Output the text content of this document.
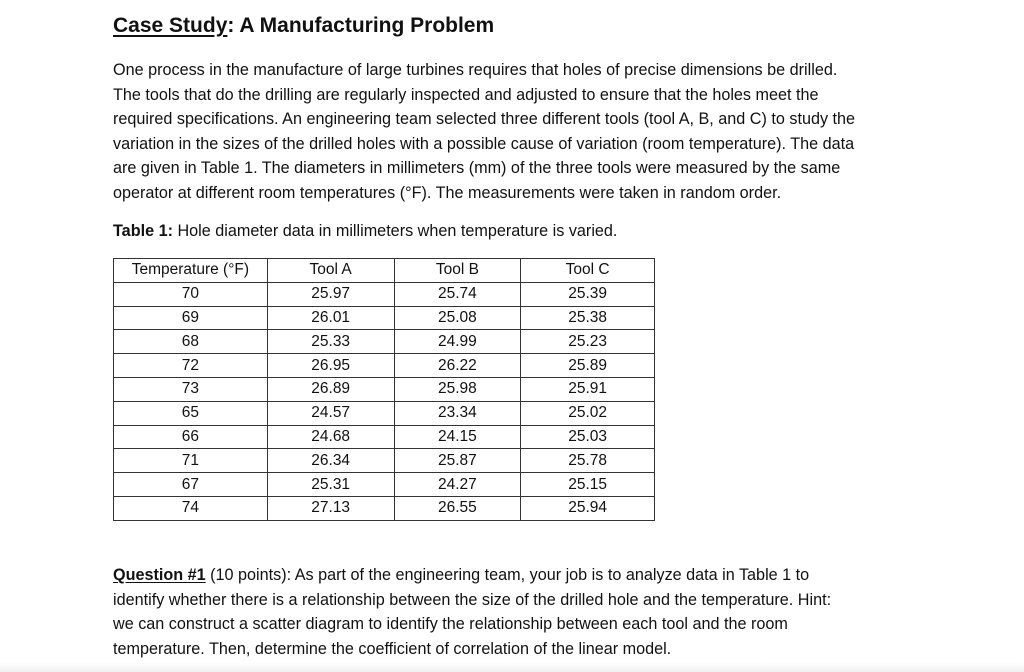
Case Study: A Manufacturing Problem
One process in the manufacture of large turbines requires that holes of precise dimensions be drilled.
The tools that do the drilling are regularly inspected and adjusted to ensure that the holes meet the
required specifications. An engineering team selected three different tools (tool A, B, and C) to study the
variation in the sizes of the drilled holes with a possible cause of variation (room temperature). The data
are given in Table 1. The diameters in millimeters (mm) of the three tools were measured by the same
operator at different room temperatures (°F). The measurements were taken in random order.
Table 1: Hole diameter data in millimeters when temperature is varied.
Temperature (°F)	Tool A	Tool B	Tool C
70	25.97	25.74	25.39
69	26.01	25.08	25.38
68	25.33	24.99	25.23
72	26.95	26.22	25.89
73	26.89	25.98	25.91
65	24.57	23.34	25.02
66	24.68	24.15	25.03
71	26.34	25.87	25.78
67	25.31	24.27	25.15
74	27.13	26.55	25.94
Question #1 (10 points): As part of the engineering team, your job is to analyze data in Table 1 to
identify whether there is a relationship between the size of the drilled hole and the temperature. Hint:
we can construct a scatter diagram to identify the relationship between each tool and the room
temperature. Then, determine the coefficient of correlation of the linear model.
